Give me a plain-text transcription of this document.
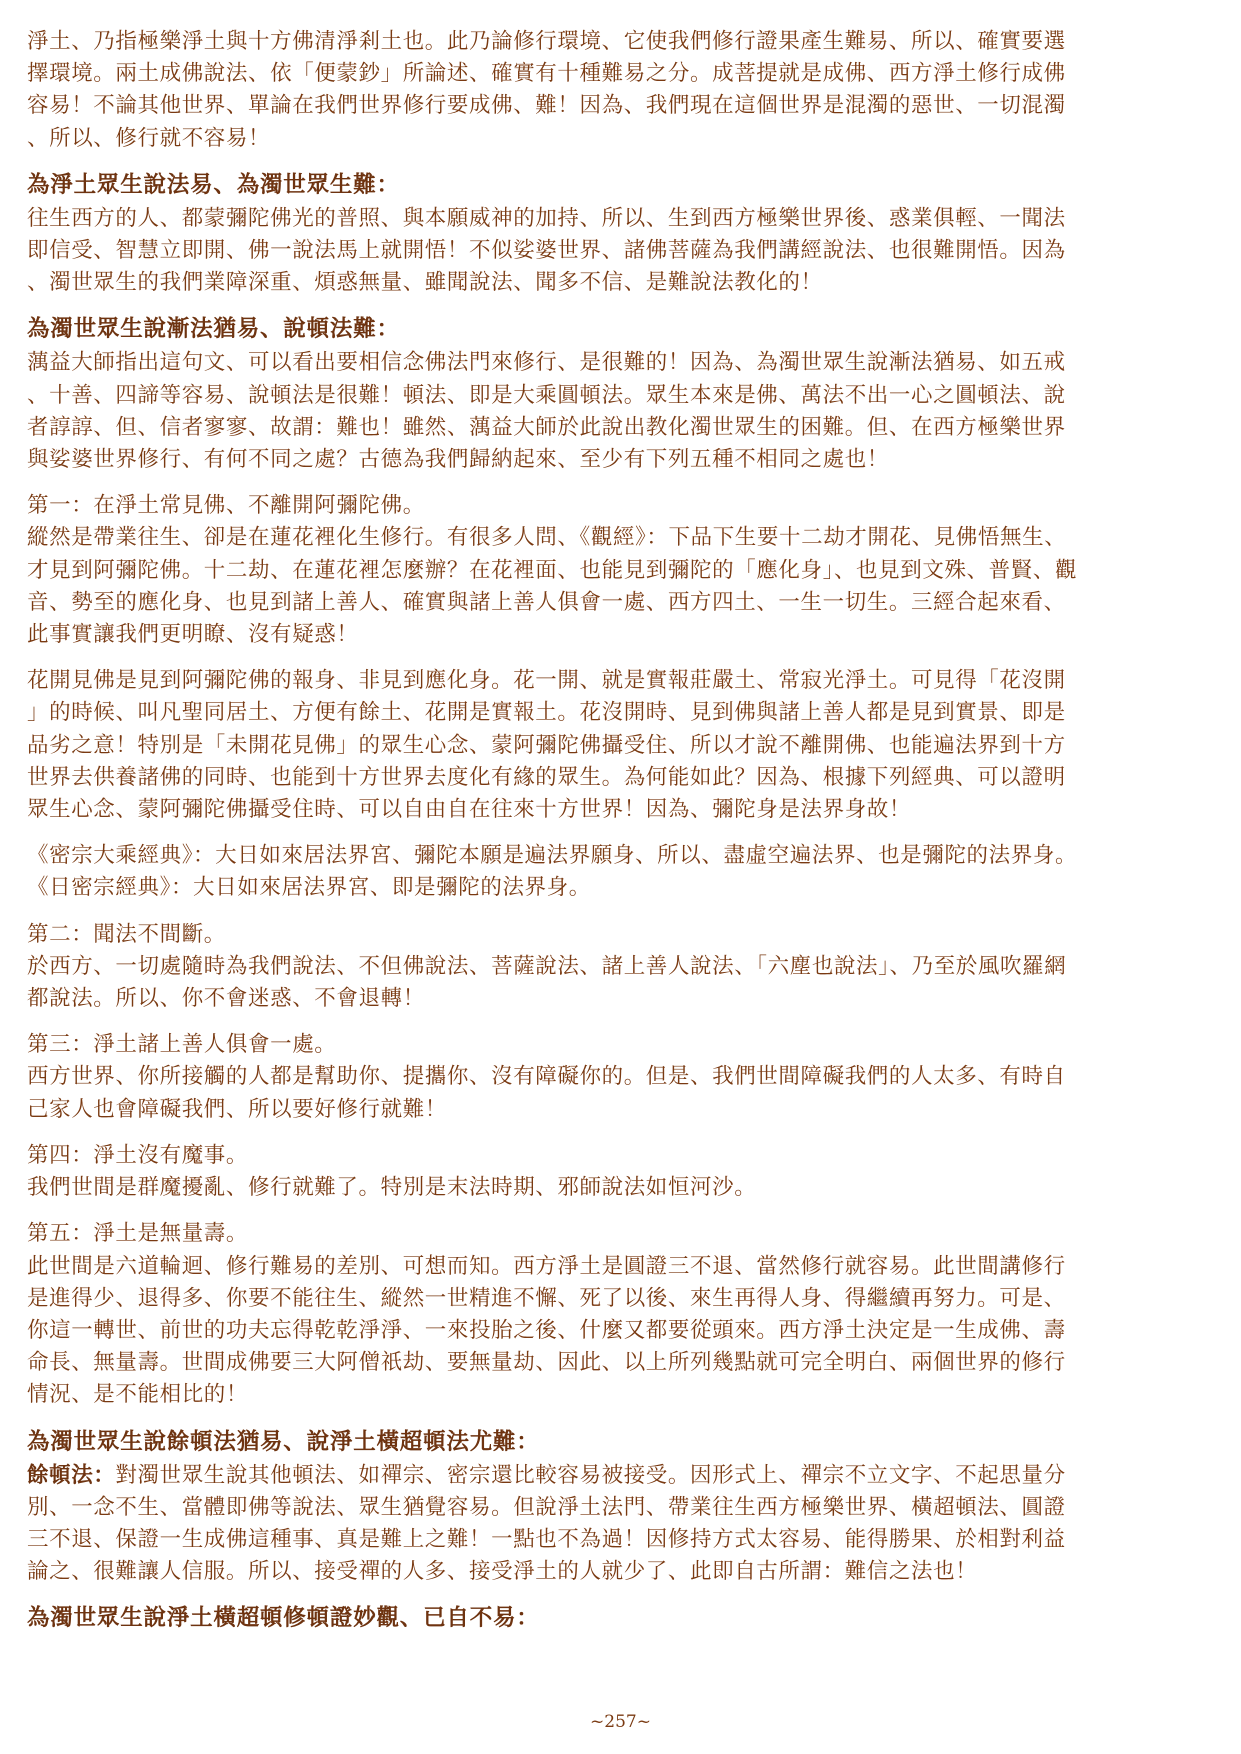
淨土、乃指極樂淨土與十方佛清淨剎土也。此乃論修行環境、它使我們修行證果產生難易、所以、確實要選
擇環境。兩土成佛說法、依「便蒙鈔」所論述、確實有十種難易之分。成菩提就是成佛、西方淨土修行成佛
容易！不論其他世界、單論在我們世界修行要成佛、難！因為、我們現在這個世界是混濁的惡世、一切混濁
、所以、修行就不容易！
為淨土眾生說法易、為濁世眾生難：
往生西方的人、都蒙彌陀佛光的普照、與本願威神的加持、所以、生到西方極樂世界後、惑業俱輕、一聞法
即信受、智慧立即開、佛一說法馬上就開悟！不似娑婆世界、諸佛菩薩為我們講經說法、也很難開悟。因為
、濁世眾生的我們業障深重、煩惑無量、雖聞說法、聞多不信、是難說法教化的！
為濁世眾生說漸法猶易、說頓法難：
蕅益大師指出這句文、可以看出要相信念佛法門來修行、是很難的！因為、為濁世眾生說漸法猶易、如五戒
、十善、四諦等容易、說頓法是很難！頓法、即是大乘圓頓法。眾生本來是佛、萬法不出一心之圓頓法、說
者諄諄、但、信者寥寥、故謂：難也！雖然、蕅益大師於此說出教化濁世眾生的困難。但、在西方極樂世界
與娑婆世界修行、有何不同之處？古德為我們歸納起來、至少有下列五種不相同之處也！
第一：在淨土常見佛、不離開阿彌陀佛。
縱然是帶業往生、卻是在蓮花裡化生修行。有很多人問、《觀經》：下品下生要十二劫才開花、見佛悟無生、
才見到阿彌陀佛。十二劫、在蓮花裡怎麼辦？在花裡面、也能見到彌陀的「應化身」、也見到文殊、普賢、觀
音、勢至的應化身、也見到諸上善人、確實與諸上善人俱會一處、西方四土、一生一切生。三經合起來看、
此事實讓我們更明瞭、沒有疑惑！
花開見佛是見到阿彌陀佛的報身、非見到應化身。花一開、就是實報莊嚴土、常寂光淨土。可見得「花沒開
」的時候、叫凡聖同居土、方便有餘土、花開是實報土。花沒開時、見到佛與諸上善人都是見到實景、即是
品劣之意！特別是「未開花見佛」的眾生心念、蒙阿彌陀佛攝受住、所以才說不離開佛、也能遍法界到十方
世界去供養諸佛的同時、也能到十方世界去度化有緣的眾生。為何能如此？因為、根據下列經典、可以證明
眾生心念、蒙阿彌陀佛攝受住時、可以自由自在往來十方世界！因為、彌陀身是法界身故！
《密宗大乘經典》：大日如來居法界宮、彌陀本願是遍法界願身、所以、盡虛空遍法界、也是彌陀的法界身。
《日密宗經典》：大日如來居法界宮、即是彌陀的法界身。
第二：聞法不間斷。
於西方、一切處隨時為我們說法、不但佛說法、菩薩說法、諸上善人說法、「六塵也說法」、乃至於風吹羅網
都說法。所以、你不會迷惑、不會退轉！
第三：淨土諸上善人俱會一處。
西方世界、你所接觸的人都是幫助你、提攜你、沒有障礙你的。但是、我們世間障礙我們的人太多、有時自
己家人也會障礙我們、所以要好修行就難！
第四：淨土沒有魔事。
我們世間是群魔擾亂、修行就難了。特別是末法時期、邪師說法如恒河沙。
第五：淨土是無量壽。
此世間是六道輪迴、修行難易的差別、可想而知。西方淨土是圓證三不退、當然修行就容易。此世間講修行
是進得少、退得多、你要不能往生、縱然一世精進不懈、死了以後、來生再得人身、得繼續再努力。可是、
你這一轉世、前世的功夫忘得乾乾淨淨、一來投胎之後、什麼又都要從頭來。西方淨土決定是一生成佛、壽
命長、無量壽。世間成佛要三大阿僧祇劫、要無量劫、因此、以上所列幾點就可完全明白、兩個世界的修行
情況、是不能相比的！
為濁世眾生說餘頓法猶易、說淨土橫超頓法尤難：
餘頓法：對濁世眾生說其他頓法、如禪宗、密宗還比較容易被接受。因形式上、禪宗不立文字、不起思量分
別、一念不生、當體即佛等說法、眾生猶覺容易。但說淨土法門、帶業往生西方極樂世界、橫超頓法、圓證
三不退、保證一生成佛這種事、真是難上之難！一點也不為過！因修持方式太容易、能得勝果、於相對利益
論之、很難讓人信服。所以、接受禪的人多、接受淨土的人就少了、此即自古所謂：難信之法也！
為濁世眾生說淨土橫超頓修頓證妙觀、已自不易：
~257~
